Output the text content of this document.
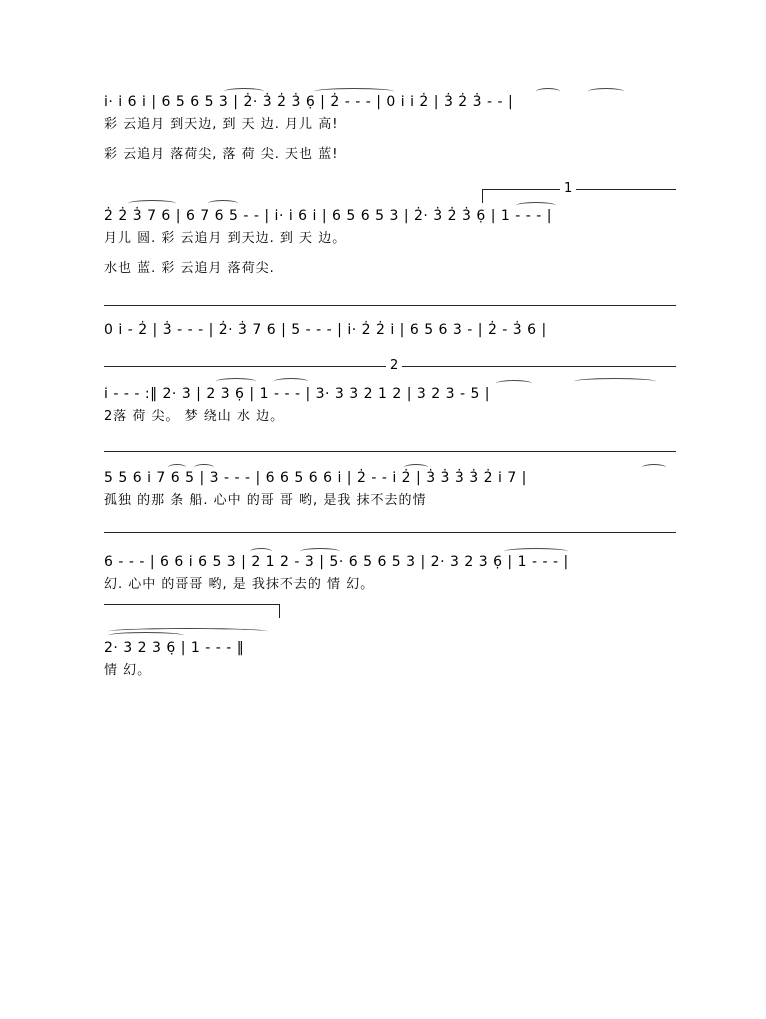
i̇· i̇ 6 i̇ | 6 5 6 5 3 | 2̇· 3̇ 2̇ 3̇ 6̣ | 2̇ - - - | 0 i̇ i̇ 2̇ | 3̇ 2̇ 3̇ - - |
彩 云追月 到天边, 到 天 边. 月儿 高!
彩 云追月 落荷尖, 落 荷 尖. 天也 蓝!
1
2̇ 2̇ 3̇ 7 6 | 6 7 6 5 - - | i̇· i̇ 6 i̇ | 6 5 6 5 3 | 2̇· 3̇ 2̇ 3̇ 6̣ | 1 - - - |
月儿 圆. 彩 云追月 到天边. 到 天 边。
水也 蓝. 彩 云追月 落荷尖.
0 i̇ - 2̇ | 3̇ - - - | 2̇· 3̇ 7 6 | 5 - - - | i̇· 2̇ 2̇ i̇ | 6 5 6 3 - | 2̇ - 3̇ 6 |
2
i̇ - - - :‖ 2· 3 | 2 3 6̣ | 1 - - - | 3· 3 3 2 1 2 | 3 2 3 - 5 |
2落 荷 尖。 梦 绕山 水 边。
5 5 6 i̇ 7 6 5 | 3 - - - | 6 6 5 6 6 i̇ | 2̇ - - i̇ 2̇ | 3̇ 3̇ 3̇ 3̇ 2̇ i̇ 7 |
孤独 的那 条 船. 心中 的哥 哥 哟, 是我 抹不去的情
6 - - - | 6 6 i̇ 6 5 3 | 2 1 2 - 3 | 5· 6 5 6 5 3 | 2· 3 2 3 6̣ | 1 - - - |
幻. 心中 的哥哥 哟, 是 我抹不去的 情 幻。
2· 3 2 3 6̣ | 1 - - - ‖
情 幻。
